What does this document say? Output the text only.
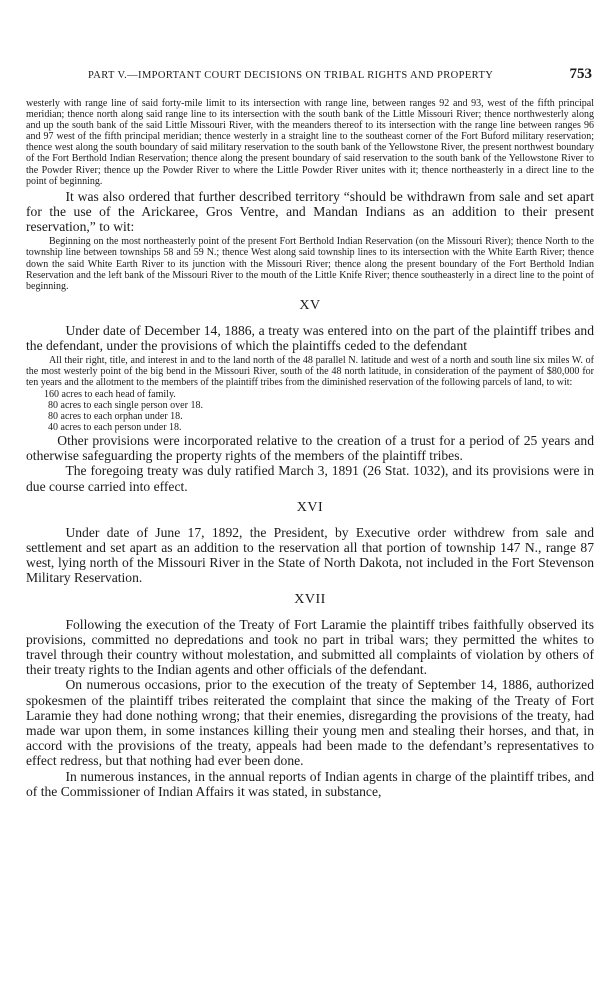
PART V.—IMPORTANT COURT DECISIONS ON TRIBAL RIGHTS AND PROPERTY	753

westerly with range line of said forty-mile limit to its intersection with range line, between ranges 92 and 93, west of the fifth principal meridian; thence north along said range line to its intersection with the south bank of the Little Missouri River; thence northwesterly along and up the south bank of the said Little Missouri River, with the meanders thereof to its intersection with the range line between ranges 96 and 97 west of the fifth principal meridian; thence westerly in a straight line to the southeast corner of the Fort Buford military reservation; thence west along the south boundary of said military reservation to the south bank of the Yellowstone River, the present northwest boundary of the Fort Berthold Indian Reservation; thence along the present boundary of said reservation to the south bank of the Yellowstone River to the Powder River; thence up the Powder River to where the Little Powder River unites with it; thence northeasterly in a direct line to the point of beginning.

It was also ordered that further described territory “should be withdrawn from sale and set apart for the use of the Arickaree, Gros Ventre, and Mandan Indians as an addition to their present reservation,” to wit:

Beginning on the most northeasterly point of the present Fort Berthold Indian Reservation (on the Missouri River); thence North to the township line between townships 58 and 59 N.; thence West along said township lines to its intersection with the White Earth River; thence down the said White Earth River to its junction with the Missouri River; thence along the present boundary of the Fort Berthold Indian Reservation and the left bank of the Missouri River to the mouth of the Little Knife River; thence southeasterly in a direct line to the point of beginning.

XV

Under date of December 14, 1886, a treaty was entered into on the part of the plaintiff tribes and the defendant, under the provisions of which the plaintiffs ceded to the defendant

All their right, title, and interest in and to the land north of the 48 parallel N. latitude and west of a north and south line six miles W. of the most westerly point of the big bend in the Missouri River, south of the 48 north latitude, in consideration of the payment of $80,000 for ten years and the allotment to the members of the plaintiff tribes from the diminished reservation of the following parcels of land, to wit:

160 acres to each head of family.
80 acres to each single person over 18.
80 acres to each orphan under 18.
40 acres to each person under 18.

Other provisions were incorporated relative to the creation of a trust for a period of 25 years and otherwise safeguarding the property rights of the members of the plaintiff tribes.

The foregoing treaty was duly ratified March 3, 1891 (26 Stat. 1032), and its provisions were in due course carried into effect.

XVI

Under date of June 17, 1892, the President, by Executive order withdrew from sale and settlement and set apart as an addition to the reservation all that portion of township 147 N., range 87 west, lying north of the Missouri River in the State of North Dakota, not included in the Fort Stevenson Military Reservation.

XVII

Following the execution of the Treaty of Fort Laramie the plaintiff tribes faithfully observed its provisions, committed no depredations and took no part in tribal wars; they permitted the whites to travel through their country without molestation, and submitted all complaints of violation by others of their treaty rights to the Indian agents and other officials of the defendant.

On numerous occasions, prior to the execution of the treaty of September 14, 1886, authorized spokesmen of the plaintiff tribes reiterated the complaint that since the making of the Treaty of Fort Laramie they had done nothing wrong; that their enemies, disregarding the provisions of the treaty, had made war upon them, in some instances killing their young men and stealing their horses, and that, in accord with the provisions of the treaty, appeals had been made to the defendant’s representatives to effect redress, but that nothing had ever been done.

In numerous instances, in the annual reports of Indian agents in charge of the plaintiff tribes, and of the Commissioner of Indian Affairs it was stated, in substance,
